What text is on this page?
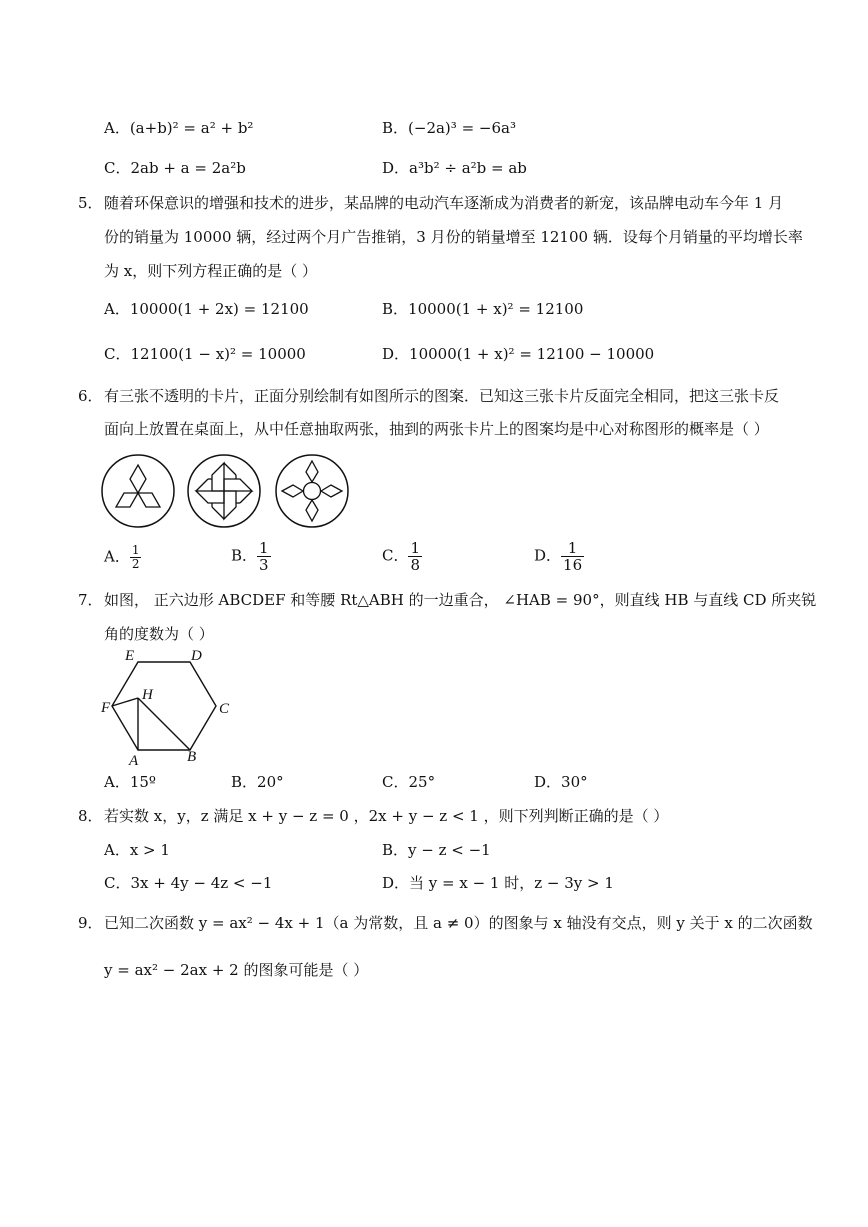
A．(a+b)² = a² + b²	B．(−2a)³ = −6a³
C．2ab + a = 2a²b	D．a³b² ÷ a²b = ab
5． 随着环保意识的增强和技术的进步，某品牌的电动汽车逐渐成为消费者的新宠，该品牌电动车今年 1 月
份的销量为 10000 辆，经过两个月广告推销，3 月份的销量增至 12100 辆．设每个月销量的平均增长率
为 x，则下列方程正确的是（ ）
A．10000(1 + 2x) = 12100	B．10000(1 + x)² = 12100
C．12100(1 − x)² = 10000	D．10000(1 + x)² = 12100 − 10000
6． 有三张不透明的卡片，正面分别绘制有如图所示的图案．已知这三张卡片反面完全相同，把这三张卡反
面向上放置在桌面上，从中任意抽取两张，抽到的两张卡片上的图案均是中心对称图形的概率是（ ）
A． $\frac{1}{2}$	B． $\frac{1}{3}$	C． $\frac{1}{8}$	D． $\frac{1}{16}$
7． 如图， 正六边形 ABCDEF 和等腰 Rt△ABH 的一边重合， ∠HAB = 90°，则直线 HB 与直线 CD 所夹锐
角的度数为（ ）
E	D
H
F	C
A	B
A．15º	B．20°	C．25°	D．30°
8． 若实数 x，y，z 满足 x + y − z = 0 ，2x + y − z < 1 ，则下列判断正确的是（ ）
A．x > 1	B．y − z < −1
C．3x + 4y − 4z < −1	D．当 y = x − 1 时，z − 3y > 1
9． 已知二次函数 y = ax² − 4x + 1（a 为常数，且 a ≠ 0）的图象与 x 轴没有交点，则 y 关于 x 的二次函数
y = ax² − 2ax + 2 的图象可能是（ ）
